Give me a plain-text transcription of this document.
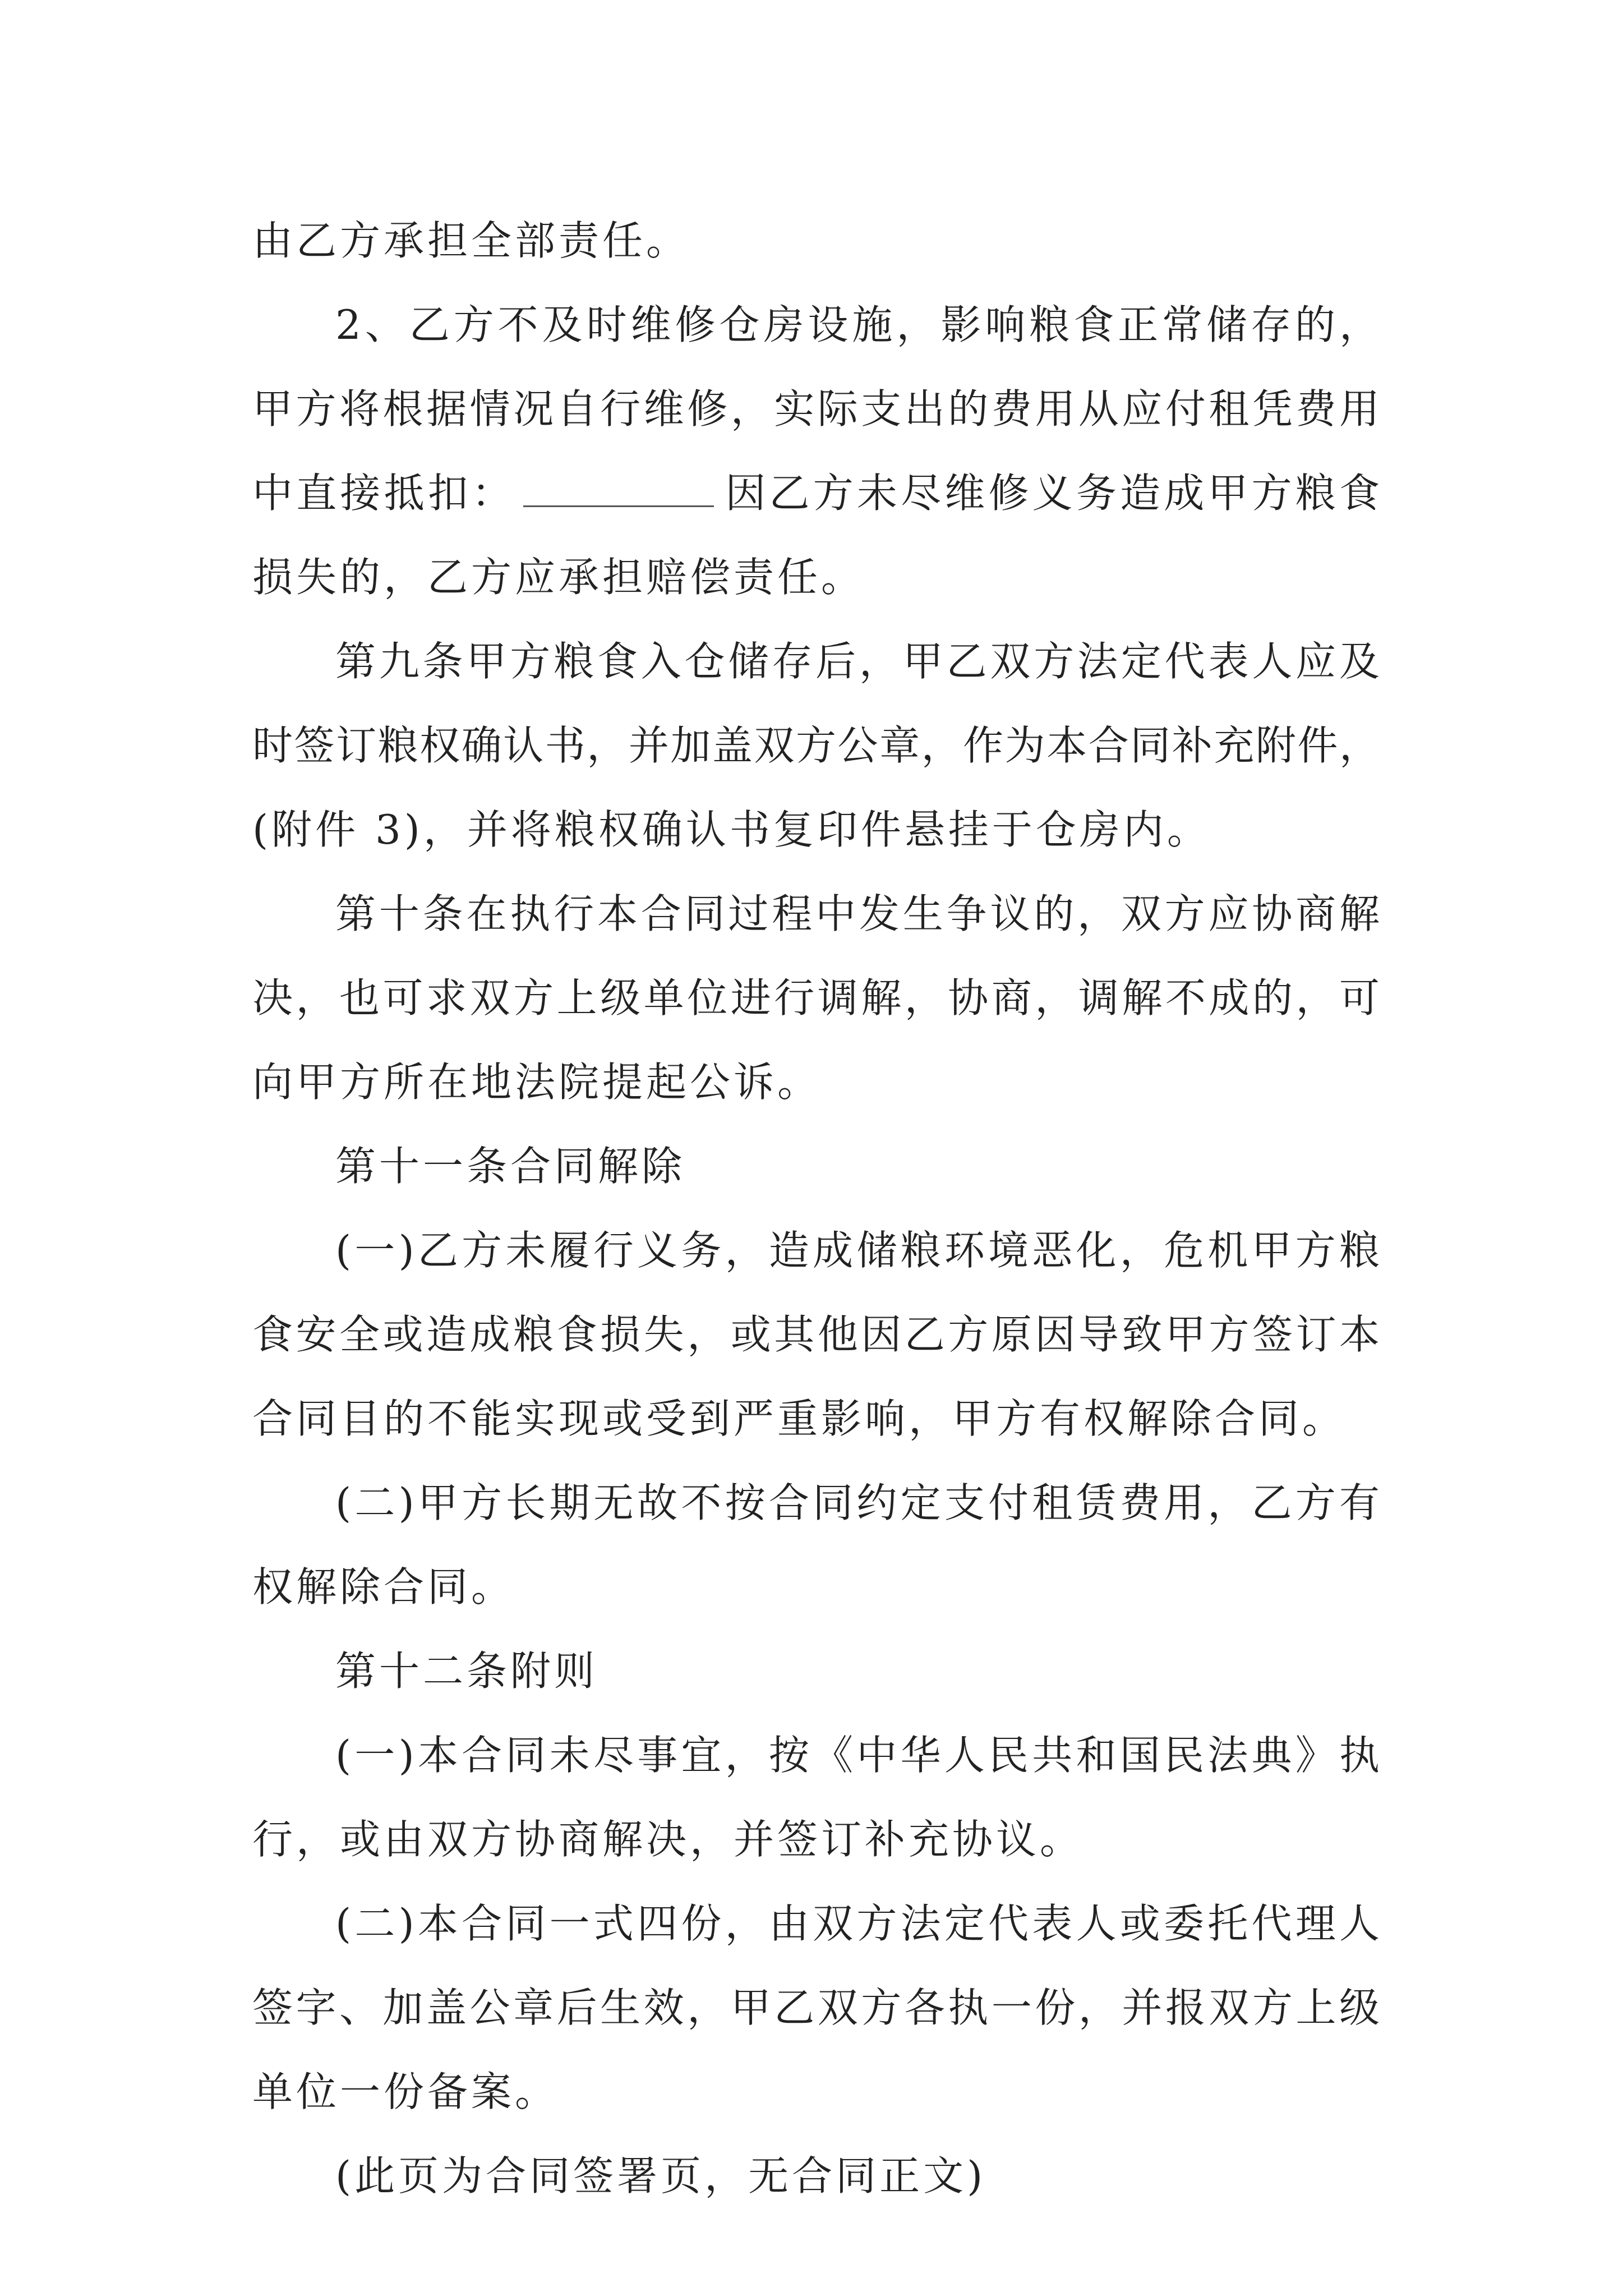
由乙方承担全部责任。
2、乙方不及时维修仓房设施，影响粮食正常储存的，
甲方将根据情况自行维修，实际支出的费用从应付租凭费用
中直接抵扣：	因乙方未尽维修义务造成甲方粮食
损失的，乙方应承担赔偿责任。
第九条甲方粮食入仓储存后，甲乙双方法定代表人应及
时签订粮权确认书，并加盖双方公章，作为本合同补充附件，
(附件 3)，并将粮权确认书复印件悬挂于仓房内。
第十条在执行本合同过程中发生争议的，双方应协商解
决，也可求双方上级单位进行调解，协商，调解不成的，可
向甲方所在地法院提起公诉。
第十一条合同解除
(一)乙方未履行义务，造成储粮环境恶化，危机甲方粮
食安全或造成粮食损失，或其他因乙方原因导致甲方签订本
合同目的不能实现或受到严重影响，甲方有权解除合同。
(二)甲方长期无故不按合同约定支付租赁费用，乙方有
权解除合同。
第十二条附则
(一)本合同未尽事宜，按《中华人民共和国民法典》执
行，或由双方协商解决，并签订补充协议。
(二)本合同一式四份，由双方法定代表人或委托代理人
签字、加盖公章后生效，甲乙双方各执一份，并报双方上级
单位一份备案。
(此页为合同签署页，无合同正文)
